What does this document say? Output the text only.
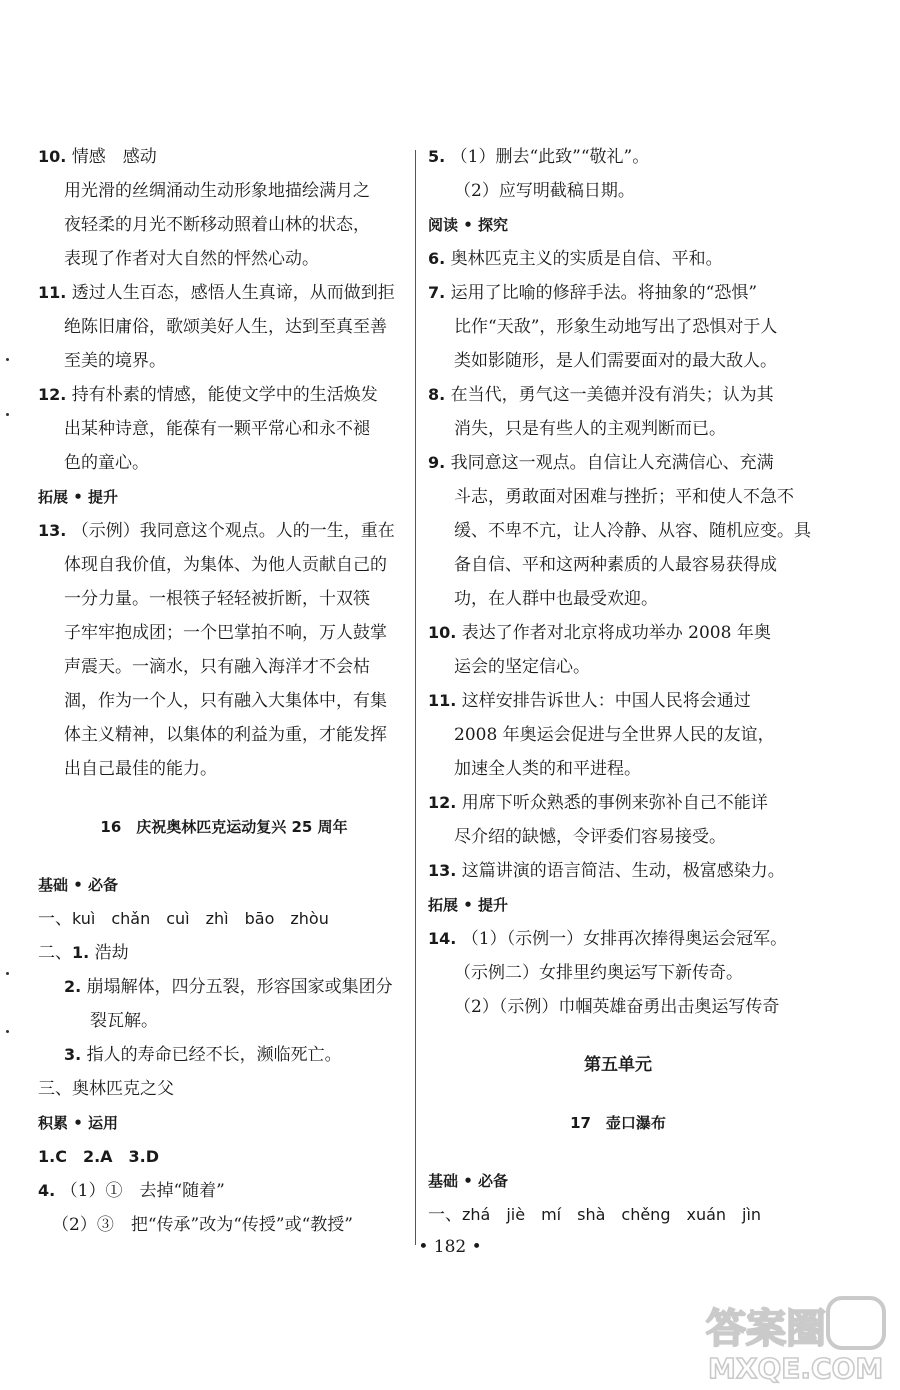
10. 情感　感动
用光滑的丝绸涌动生动形象地描绘满月之
夜轻柔的月光不断移动照着山林的状态，
表现了作者对大自然的怦然心动。
11. 透过人生百态，感悟人生真谛，从而做到拒
绝陈旧庸俗，歌颂美好人生，达到至真至善
至美的境界。
12. 持有朴素的情感，能使文学中的生活焕发
出某种诗意，能葆有一颗平常心和永不褪
色的童心。
拓展 • 提升
13. （示例）我同意这个观点。人的一生，重在
体现自我价值，为集体、为他人贡献自己的
一分力量。一根筷子轻轻被折断，十双筷
子牢牢抱成团；一个巴掌拍不响，万人鼓掌
声震天。一滴水，只有融入海洋才不会枯
涸，作为一个人，只有融入大集体中，有集
体主义精神，以集体的利益为重，才能发挥
出自己最佳的能力。
16　庆祝奥林匹克运动复兴 25 周年
基础 • 必备
一、kuì　chǎn　cuì　zhì　bāo　zhòu
二、1. 浩劫
2. 崩塌解体，四分五裂，形容国家或集团分
裂瓦解。
3. 指人的寿命已经不长，濒临死亡。
三、奥林匹克之父
积累 • 运用
1.C　2.A　3.D
4. （1）①　去掉“随着”
（2）③　把“传承”改为“传授”或“教授”
5. （1）删去“此致”“敬礼”。
（2）应写明截稿日期。
阅读 • 探究
6. 奥林匹克主义的实质是自信、平和。
7. 运用了比喻的修辞手法。将抽象的“恐惧”
比作“天敌”，形象生动地写出了恐惧对于人
类如影随形，是人们需要面对的最大敌人。
8. 在当代，勇气这一美德并没有消失；认为其
消失，只是有些人的主观判断而已。
9. 我同意这一观点。自信让人充满信心、充满
斗志，勇敢面对困难与挫折；平和使人不急不
缓、不卑不亢，让人冷静、从容、随机应变。具
备自信、平和这两种素质的人最容易获得成
功，在人群中也最受欢迎。
10. 表达了作者对北京将成功举办 2008 年奥
运会的坚定信心。
11. 这样安排告诉世人：中国人民将会通过
2008 年奥运会促进与全世界人民的友谊，
加速全人类的和平进程。
12. 用席下听众熟悉的事例来弥补自己不能详
尽介绍的缺憾，令评委们容易接受。
13. 这篇讲演的语言简洁、生动，极富感染力。
拓展 • 提升
14. （1）（示例一）女排再次捧得奥运会冠军。
（示例二）女排里约奥运写下新传奇。
（2）（示例）巾帼英雄奋勇出击奥运写传奇
第五单元
17　壶口瀑布
基础 • 必备
一、zhá　jiè　mí　shà　chěng　xuán　jìn
• 182 •
答案圈
MXQE.COM
